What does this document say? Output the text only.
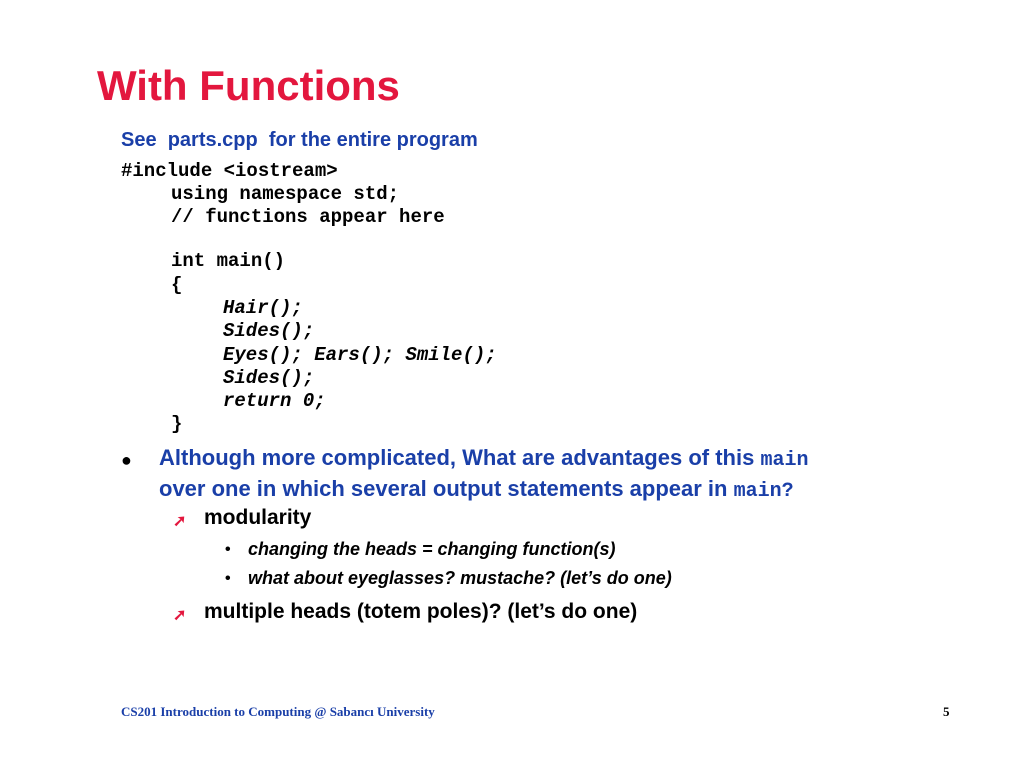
With Functions
See  parts.cpp  for the entire program
#include <iostream>
using namespace std;
// functions appear here
int main()
{
Hair();
Sides();
Eyes(); Ears(); Smile();
Sides();
return 0;
}
● Although more complicated, What are advantages of this main
over one in which several output statements appear in main?
➚ modularity
• changing the heads = changing function(s)
• what about eyeglasses? mustache? (let’s do one)
➚ multiple heads (totem poles)? (let’s do one)
CS201 Introduction to Computing @ Sabancı University	5
